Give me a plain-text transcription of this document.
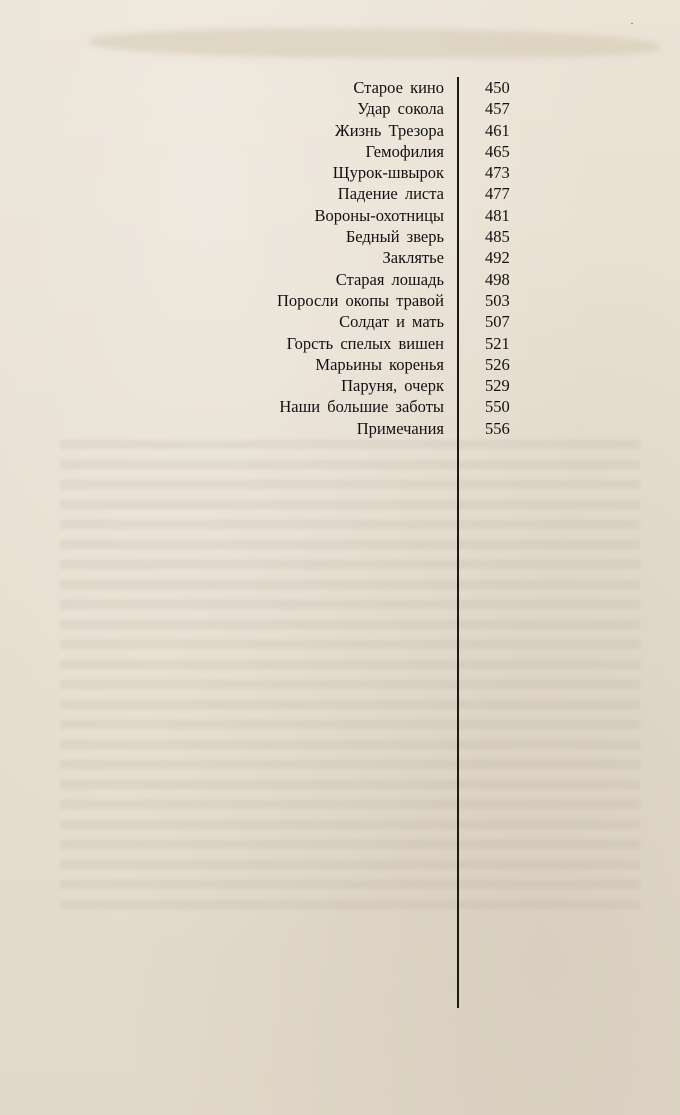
·
Старое кино 450
Удар сокола 457
Жизнь Трезора 461
Гемофилия 465
Щурок-швырок 473
Падение листа 477
Вороны-охотницы 481
Бедный зверь 485
Заклятье 492
Старая лошадь 498
Поросли окопы травой 503
Солдат и мать 507
Горсть спелых вишен 521
Марьины коренья 526
Паруня, очерк 529
Наши большие заботы 550
Примечания 556
